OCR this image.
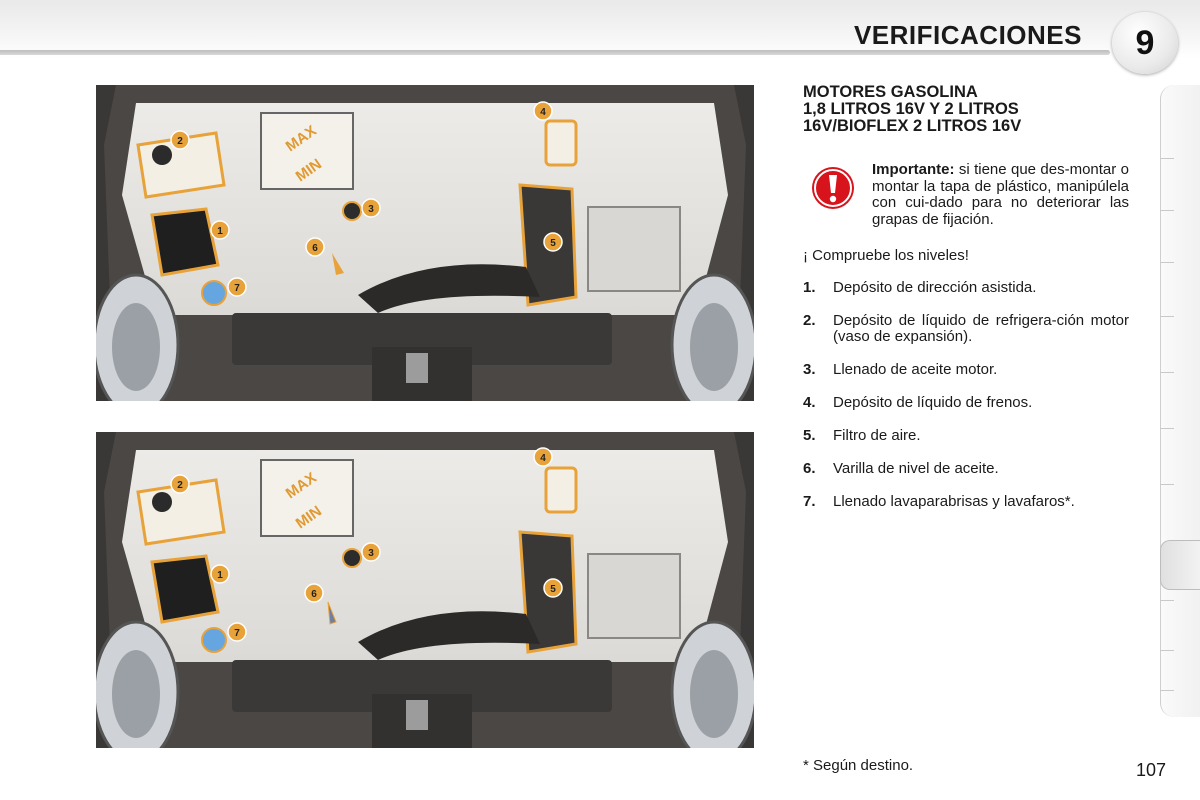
VERIFICACIONES 9
MAX
MIN
1
2
3
4
5
6
7
MAX
MIN
1
2
3
4
5
6
7

MOTORES GASOLINA
1,8 LITROS 16V Y 2 LITROS
16V/BIOFLEX 2 LITROS 16V

Importante: si tiene que des-montar o montar la tapa de plástico, manipúlela con cui-dado para no deteriorar las grapas de fijación.
¡ Compruebe los niveles!
1. Depósito de dirección asistida.
2. Depósito de líquido de refrigera-ción motor (vaso de expansión).
3. Llenado de aceite motor.
4. Depósito de líquido de frenos.
5. Filtro de aire.
6. Varilla de nivel de aceite.
7. Llenado lavaparabrisas y lavafaros*.
* Según destino.	107
